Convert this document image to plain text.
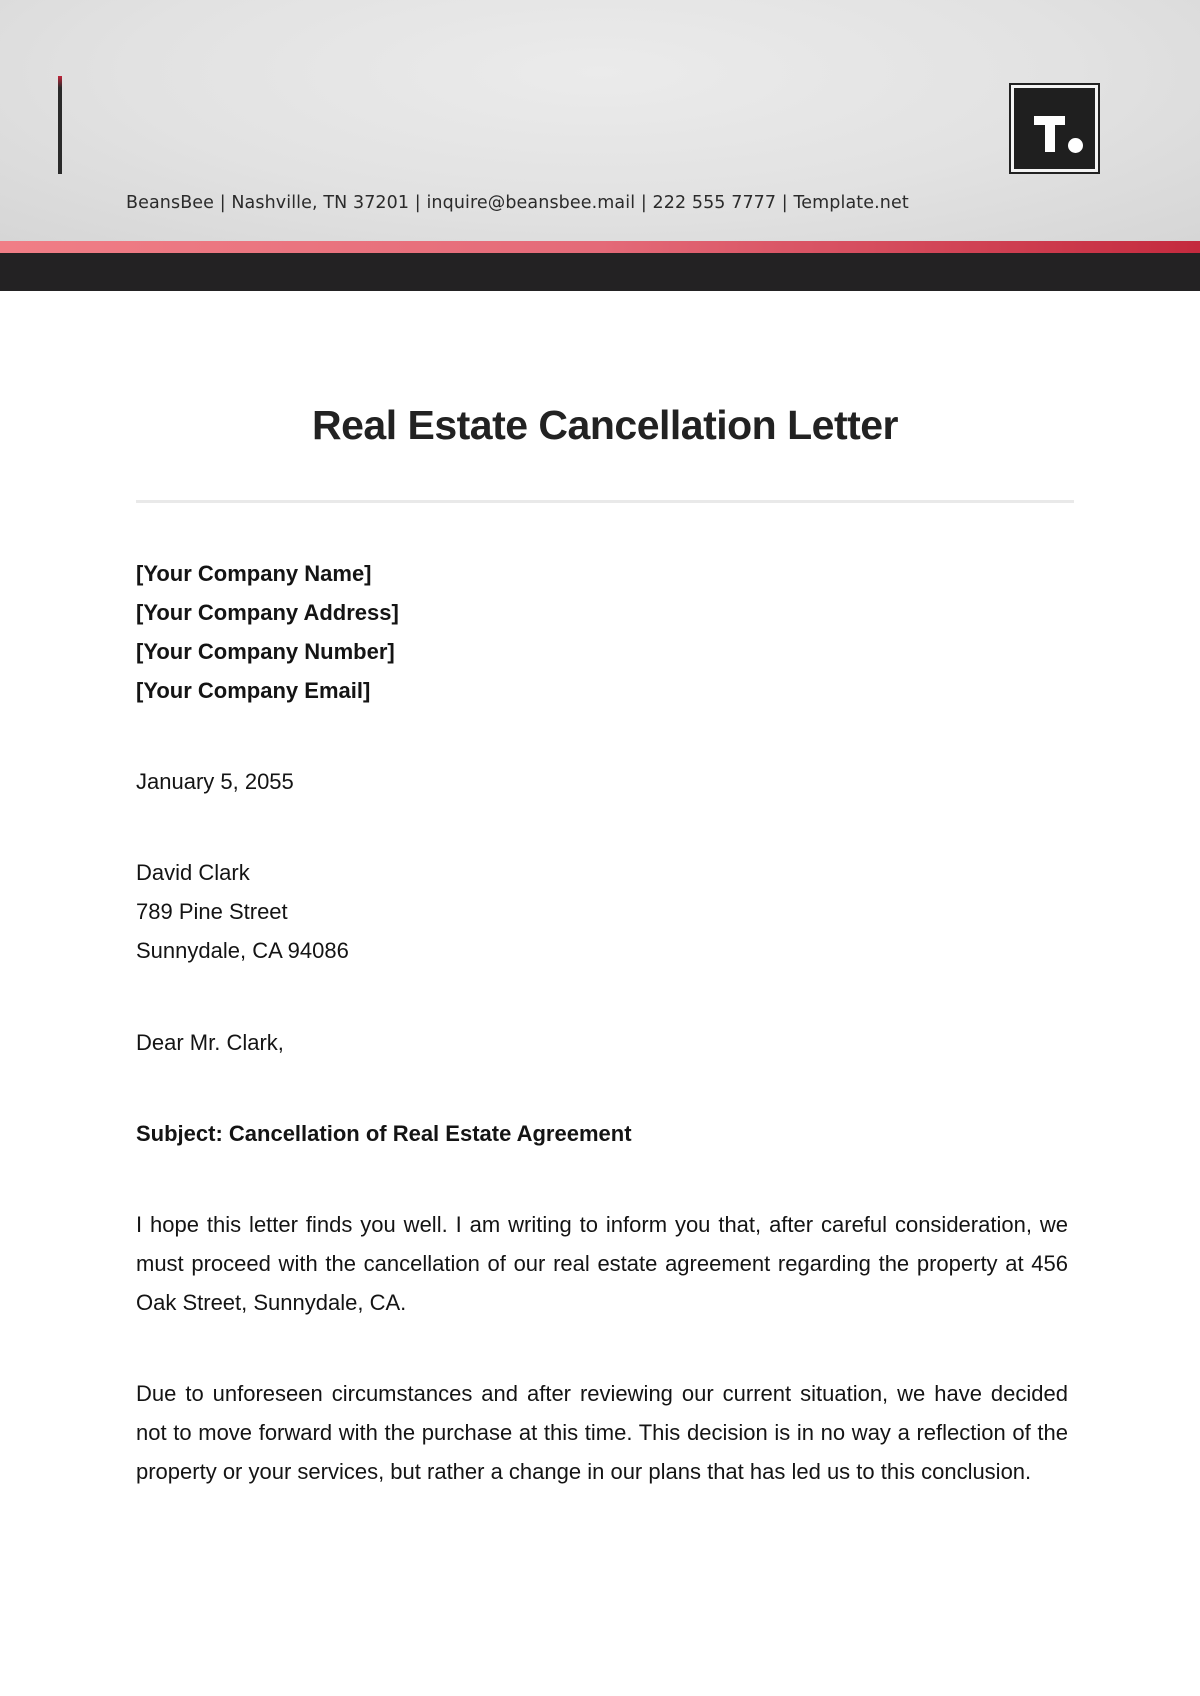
BeansBee | Nashville, TN 37201 | inquire@beansbee.mail | 222 555 7777 | Template.net
Real Estate Cancellation Letter
[Your Company Name]
[Your Company Address]
[Your Company Number]
[Your Company Email]
January 5, 2055
David Clark
789 Pine Street
Sunnydale, CA 94086
Dear Mr. Clark,
Subject: Cancellation of Real Estate Agreement
I hope this letter finds you well. I am writing to inform you that, after careful consideration, we must proceed with the cancellation of our real estate agreement regarding the property at 456 Oak Street, Sunnydale, CA.
Due to unforeseen circumstances and after reviewing our current situation, we have decided not to move forward with the purchase at this time. This decision is in no way a reflection of the property or your services, but rather a change in our plans that has led us to this conclusion.
